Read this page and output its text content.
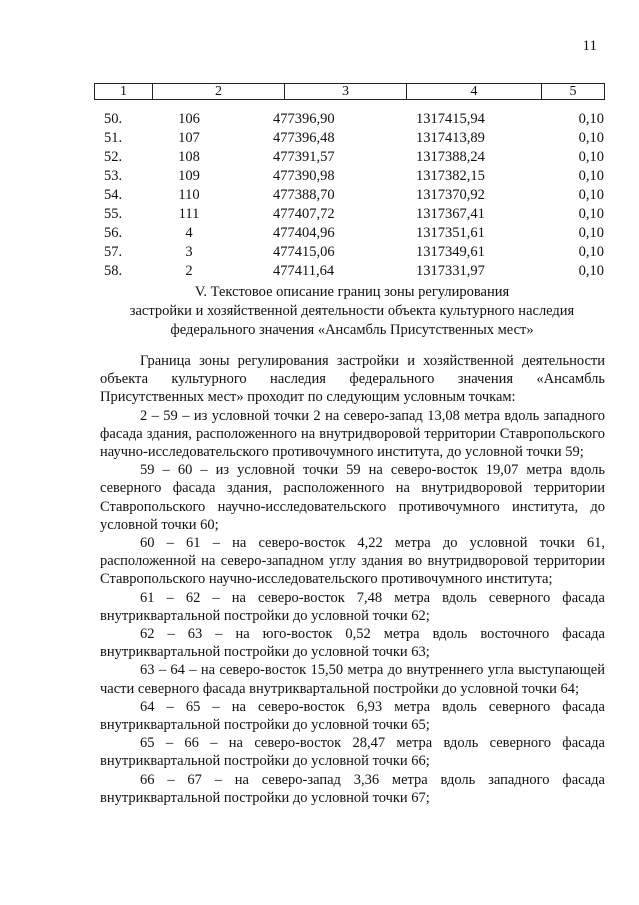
11
1	2	3	4	5
50.	106	477396,90	1317415,94	0,10
51.	107	477396,48	1317413,89	0,10
52.	108	477391,57	1317388,24	0,10
53.	109	477390,98	1317382,15	0,10
54.	110	477388,70	1317370,92	0,10
55.	111	477407,72	1317367,41	0,10
56.	4	477404,96	1317351,61	0,10
57.	3	477415,06	1317349,61	0,10
58.	2	477411,64	1317331,97	0,10
V. Текстовое описание границ зоны регулирования
застройки и хозяйственной деятельности объекта культурного наследия
федерального значения «Ансамбль Присутственных мест»

Граница зоны регулирования застройки и хозяйственной деятельности объекта культурного наследия федерального значения «Ансамбль Присутственных мест» проходит по следующим условным точкам:

2 – 59 – из условной точки 2 на северо-запад 13,08 метра вдоль западного фасада здания, расположенного на внутридворовой территории Ставропольского научно-исследовательского противочумного института, до условной точки 59;

59 – 60 – из условной точки 59 на северо-восток 19,07 метра вдоль северного фасада здания, расположенного на внутридворовой территории Ставропольского научно-исследовательского противочумного института, до условной точки 60;

60 – 61 – на северо-восток 4,22 метра до условной точки 61, расположенной на северо-западном углу здания во внутридворовой территории Ставропольского научно-исследовательского противочумного института;

61 – 62 – на северо-восток 7,48 метра вдоль северного фасада внутриквартальной постройки до условной точки 62;

62 – 63 – на юго-восток 0,52 метра вдоль восточного фасада внутриквартальной постройки до условной точки 63;

63 – 64 – на северо-восток 15,50 метра до внутреннего угла выступающей части северного фасада внутриквартальной постройки до условной точки 64;

64 – 65 – на северо-восток 6,93 метра вдоль северного фасада внутриквартальной постройки до условной точки 65;

65 – 66 – на северо-восток 28,47 метра вдоль северного фасада внутриквартальной постройки до условной точки 66;

66 – 67 – на северо-запад 3,36 метра вдоль западного фасада внутриквартальной постройки до условной точки 67;
